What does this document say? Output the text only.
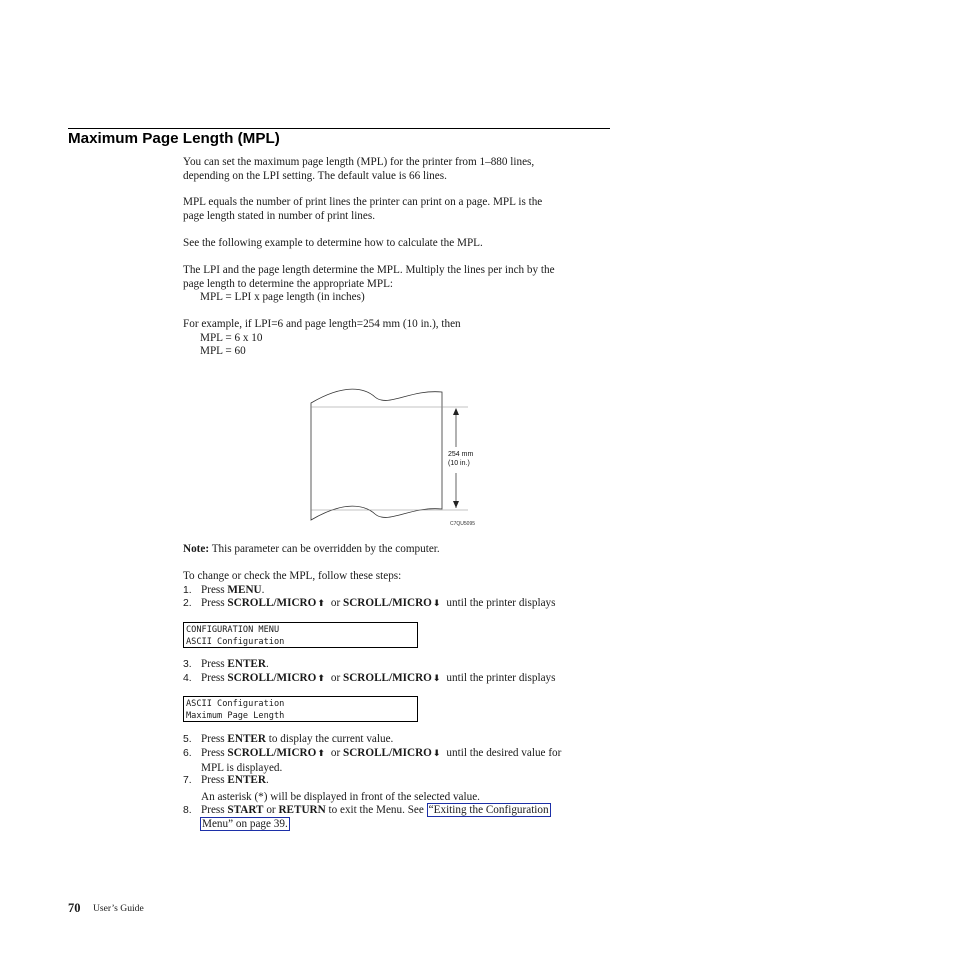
Maximum Page Length (MPL)
You can set the maximum page length (MPL) for the printer from 1–880 lines,
depending on the LPI setting. The default value is 66 lines.
MPL equals the number of print lines the printer can print on a page. MPL is the
page length stated in number of print lines.
See the following example to determine how to calculate the MPL.
The LPI and the page length determine the MPL. Multiply the lines per inch by the
page length to determine the appropriate MPL:
MPL = LPI x page length (in inches)
For example, if LPI=6 and page length=254 mm (10 in.), then
MPL = 6 x 10
MPL = 60
254 mm
(10 in.)
C7QU5095
Note: This parameter can be overridden by the computer.
To change or check the MPL, follow these steps:
1. Press MENU.
2. Press SCROLL/MICRO⬆ or SCROLL/MICRO⬇ until the printer displays
CONFIGURATION MENU
ASCII Configuration
3. Press ENTER.
4. Press SCROLL/MICRO⬆ or SCROLL/MICRO⬇ until the printer displays
ASCII Configuration
Maximum Page Length
5. Press ENTER to display the current value.
6. Press SCROLL/MICRO⬆ or SCROLL/MICRO⬇ until the desired value for
MPL is displayed.
7. Press ENTER.
An asterisk (*) will be displayed in front of the selected value.
8. Press START or RETURN to exit the Menu. See “Exiting the Configuration
Menu” on page 39.
70 User’s Guide
